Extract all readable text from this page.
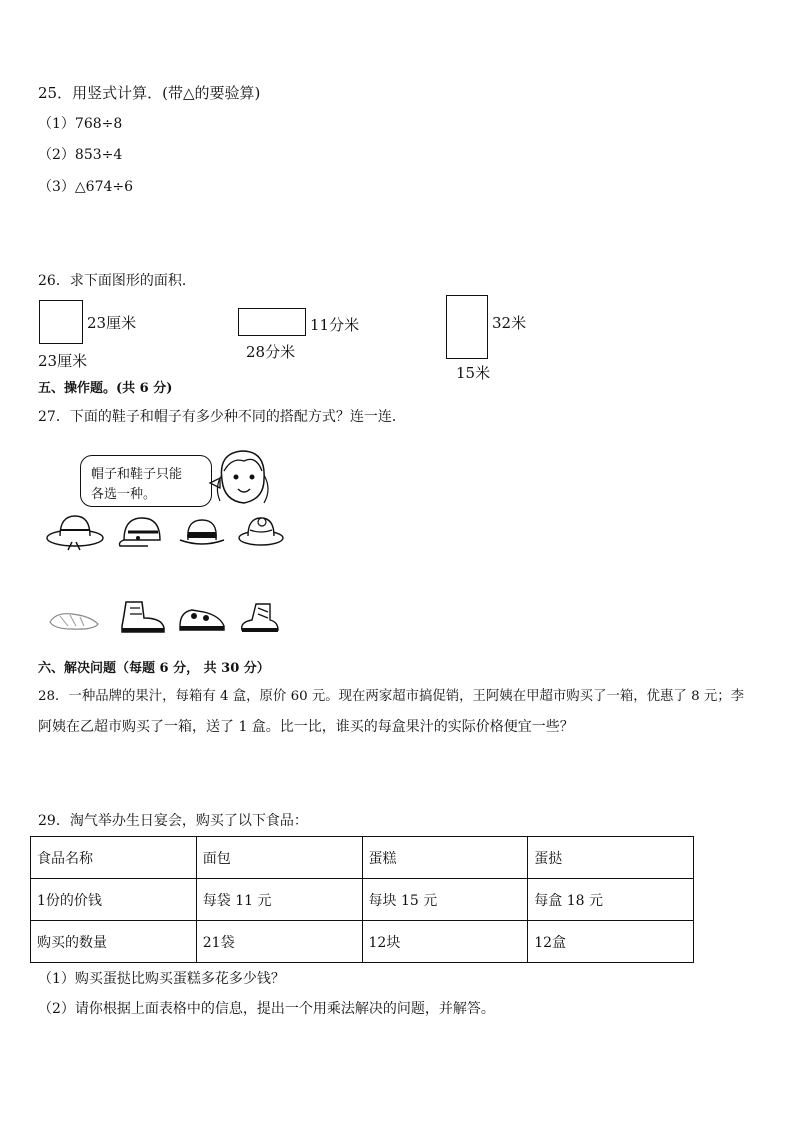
25．用竖式计算．(带△的要验算)
（1）768÷8
（2）853÷4
（3）△674÷6
26．求下面图形的面积．
23厘米
23厘米
11分米
28分米
32米
15米
五、操作题。(共 6 分)
27．下面的鞋子和帽子有多少种不同的搭配方式？连一连．
帽子和鞋子只能
各选一种。
六、解决问题（每题 6 分， 共 30 分）
28．一种品牌的果汁，每箱有 4 盒，原价 60 元。现在两家超市搞促销，王阿姨在甲超市购买了一箱，优惠了 8 元；李
阿姨在乙超市购买了一箱，送了 1 盒。比一比，谁买的每盒果汁的实际价格便宜一些？
29．淘气举办生日宴会，购买了以下食品：
食品名称	面包	蛋糕	蛋挞
1份的价钱	每袋 11 元	每块 15 元	每盒 18 元
购买的数量	21袋	12块	12盒
（1）购买蛋挞比购买蛋糕多花多少钱？
（2）请你根据上面表格中的信息，提出一个用乘法解决的问题，并解答。
